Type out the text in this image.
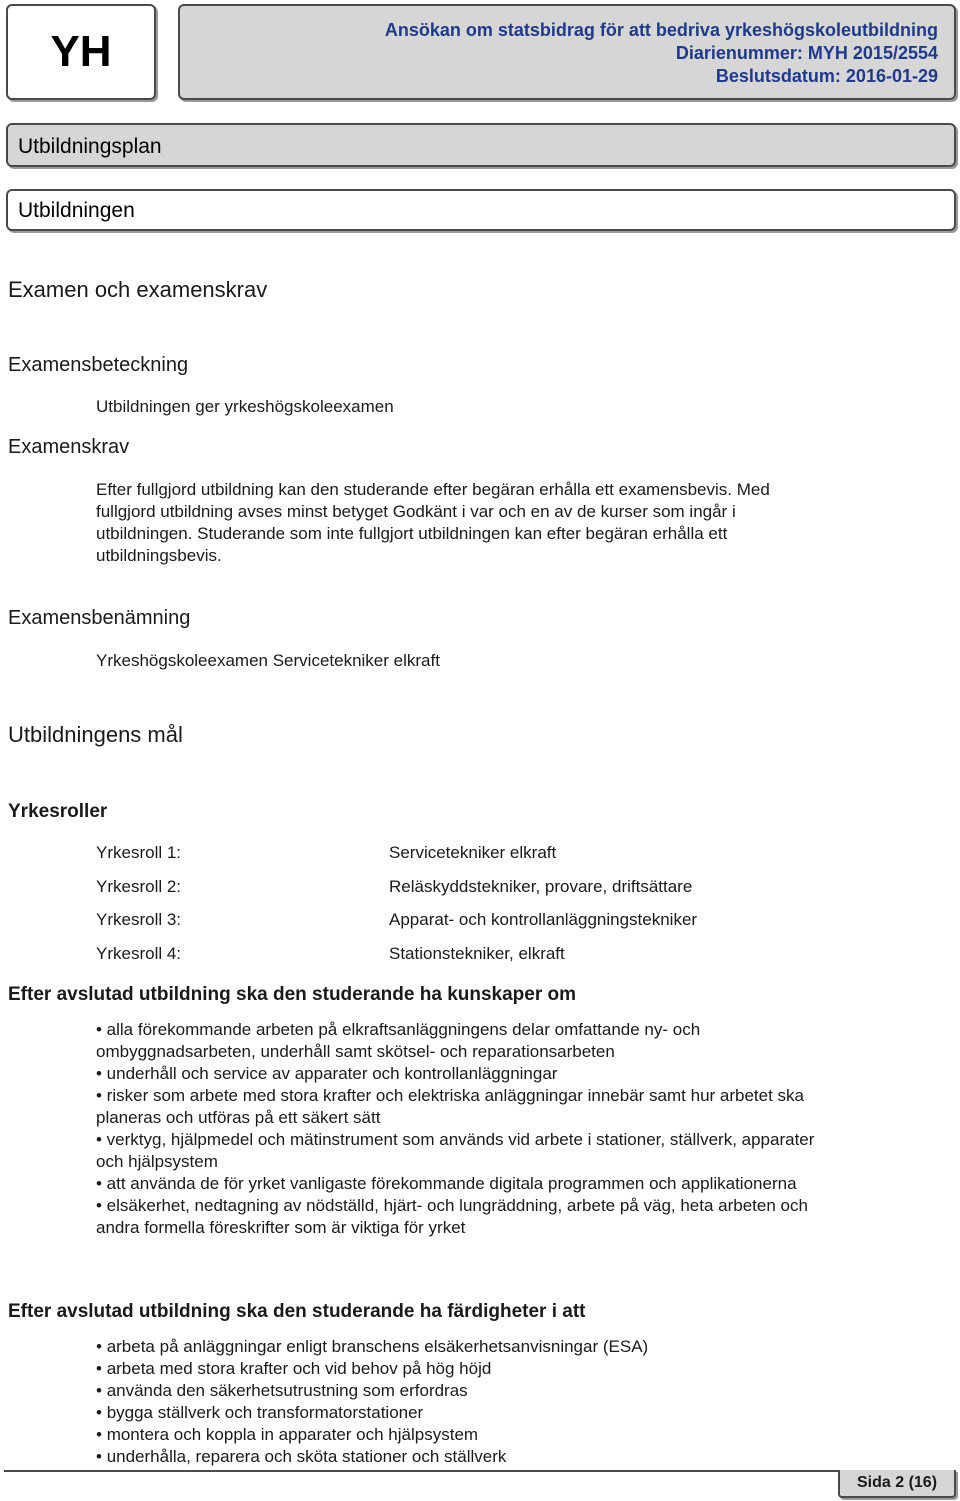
YH	Ansökan om statsbidrag för att bedriva yrkeshögskoleutbildning
Diarienummer: MYH 2015/2554
Beslutsdatum: 2016-01-29
Utbildningsplan
Utbildningen
Examen och examenskrav
Examensbeteckning
Utbildningen ger yrkeshögskoleexamen
Examenskrav
Efter fullgjord utbildning kan den studerande efter begäran erhålla ett examensbevis. Med
fullgjord utbildning avses minst betyget Godkänt i var och en av de kurser som ingår i
utbildningen. Studerande som inte fullgjort utbildningen kan efter begäran erhålla ett
utbildningsbevis.
Examensbenämning
Yrkeshögskoleexamen Servicetekniker elkraft
Utbildningens mål
Yrkesroller
Yrkesroll 1:	Servicetekniker elkraft
Yrkesroll 2:	Reläskyddstekniker, provare, driftsättare
Yrkesroll 3:	Apparat- och kontrollanläggningstekniker
Yrkesroll 4:	Stationstekniker, elkraft
Efter avslutad utbildning ska den studerande ha kunskaper om
• alla förekommande arbeten på elkraftsanläggningens delar omfattande ny- och
ombyggnadsarbeten, underhåll samt skötsel- och reparationsarbeten
• underhåll och service av apparater och kontrollanläggningar
• risker som arbete med stora krafter och elektriska anläggningar innebär samt hur arbetet ska
planeras och utföras på ett säkert sätt
• verktyg, hjälpmedel och mätinstrument som används vid arbete i stationer, ställverk, apparater
och hjälpsystem
• att använda de för yrket vanligaste förekommande digitala programmen och applikationerna
• elsäkerhet, nedtagning av nödställd, hjärt- och lungräddning, arbete på väg, heta arbeten och
andra formella föreskrifter som är viktiga för yrket
Efter avslutad utbildning ska den studerande ha färdigheter i att
• arbeta på anläggningar enligt branschens elsäkerhetsanvisningar (ESA)
• arbeta med stora krafter och vid behov på hög höjd
• använda den säkerhetsutrustning som erfordras
• bygga ställverk och transformatorstationer
• montera och koppla in apparater och hjälpsystem
• underhålla, reparera och sköta stationer och ställverk
Sida 2 (16)
